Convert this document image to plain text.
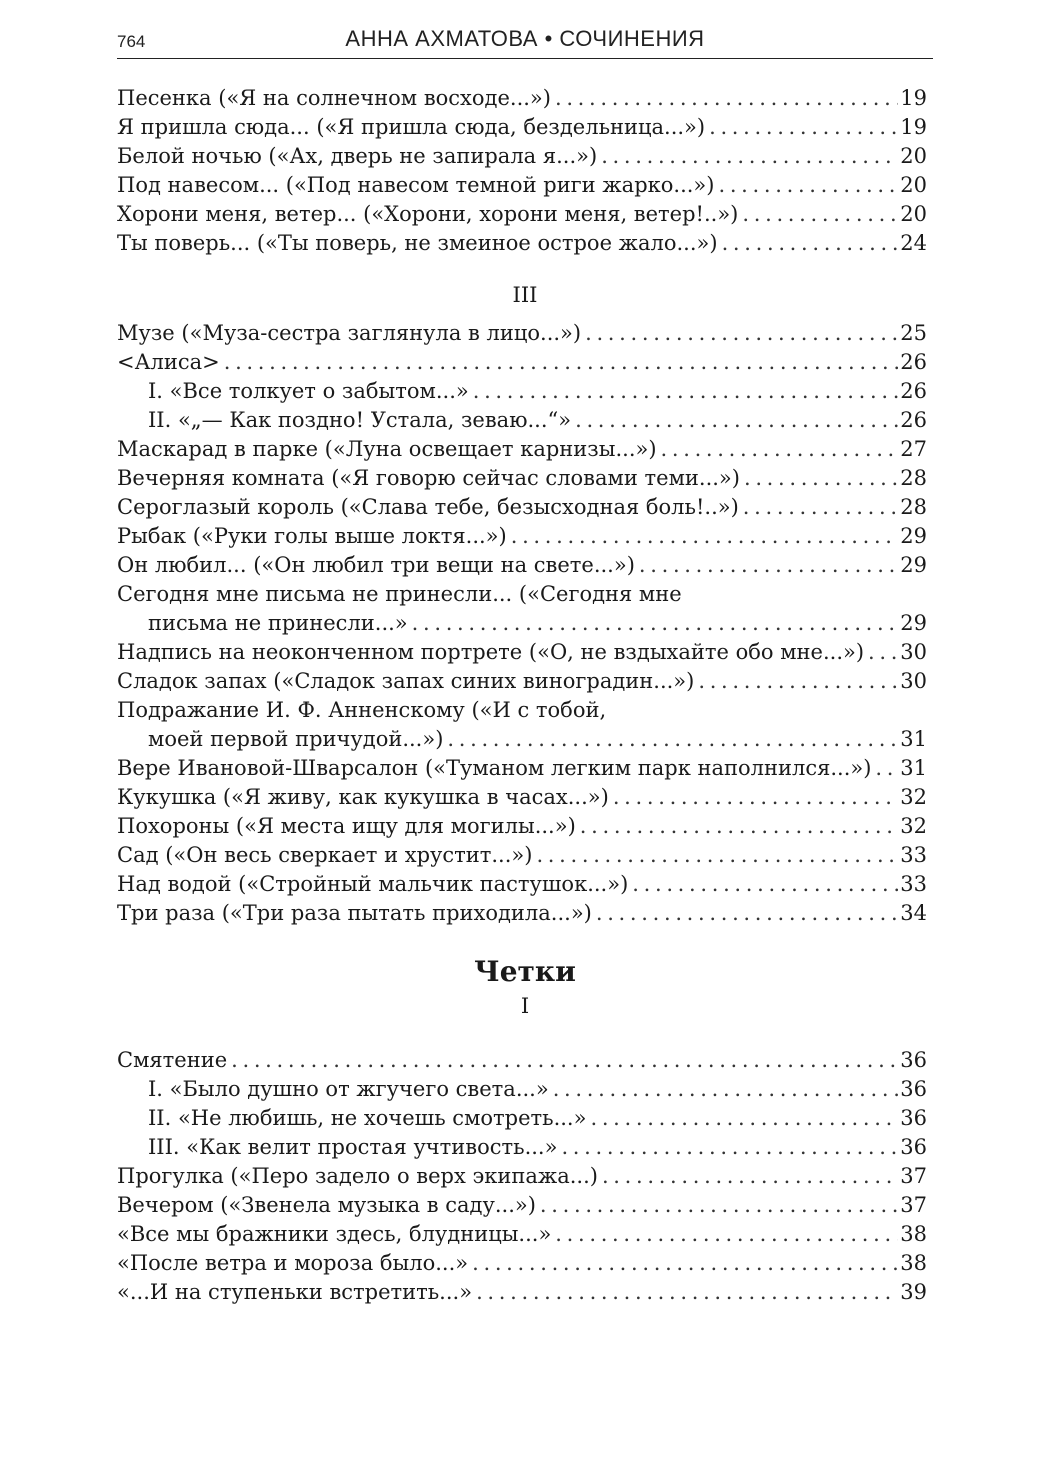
764	АННА АХМАТОВА • СОЧИНЕНИЯ
Песенка («Я на солнечном восходе...») . . .	19
Я пришла сюда... («Я пришла сюда, бездельница...») . . .	19
Белой ночью («Ах, дверь не запирала я...») . . .	20
Под навесом... («Под навесом темной риги жарко...») . . .	20
Хорони меня, ветер... («Хорони, хорони меня, ветер!..») . . .	20
Ты поверь... («Ты поверь, не змеиное острое жало...») . . .	24
III
Музе («Муза-сестра заглянула в лицо...») . . .	25
<Алиса> . . .	26
I. «Все толкует о забытом...» . . .	26
II. «„— Как поздно! Устала, зеваю...“» . . .	26
Маскарад в парке («Луна освещает карнизы...») . . .	27
Вечерняя комната («Я говорю сейчас словами теми...») . . .	28
Сероглазый король («Слава тебе, безысходная боль!..») . . .	28
Рыбак («Руки голы выше локтя...») . . .	29
Он любил... («Он любил три вещи на свете...») . . .	29
Сегодня мне письма не принесли... («Сегодня мне
письма не принесли...» . . .	29
Надпись на неоконченном портрете («О, не вздыхайте обо мне...») . . . 30
Сладок запах («Сладок запах синих виноградин...») . . .	30
Подражание И. Ф. Анненскому («И с тобой,
моей первой причудой...») . . .	31
Вере Ивановой-Шварсалон («Туманом легким парк наполнился...») . . . 31
Кукушка («Я живу, как кукушка в часах...») . . .	32
Похороны («Я места ищу для могилы...») . . .	32
Сад («Он весь сверкает и хрустит...») . . .	33
Над водой («Стройный мальчик пастушок...») . . .	33
Три раза («Три раза пытать приходила...») . . .	34
Четки
I
Смятение . . .	36
I. «Было душно от жгучего света...» . . .	36
II. «Не любишь, не хочешь смотреть...» . . .	36
III. «Как велит простая учтивость...» . . .	36
Прогулка («Перо задело о верх экипажа...) . . .	37
Вечером («Звенела музыка в саду...») . . .	37
«Все мы бражники здесь, блудницы...» . . .	38
«После ветра и мороза было...» . . .	38
«...И на ступеньки встретить...» . . .	39
